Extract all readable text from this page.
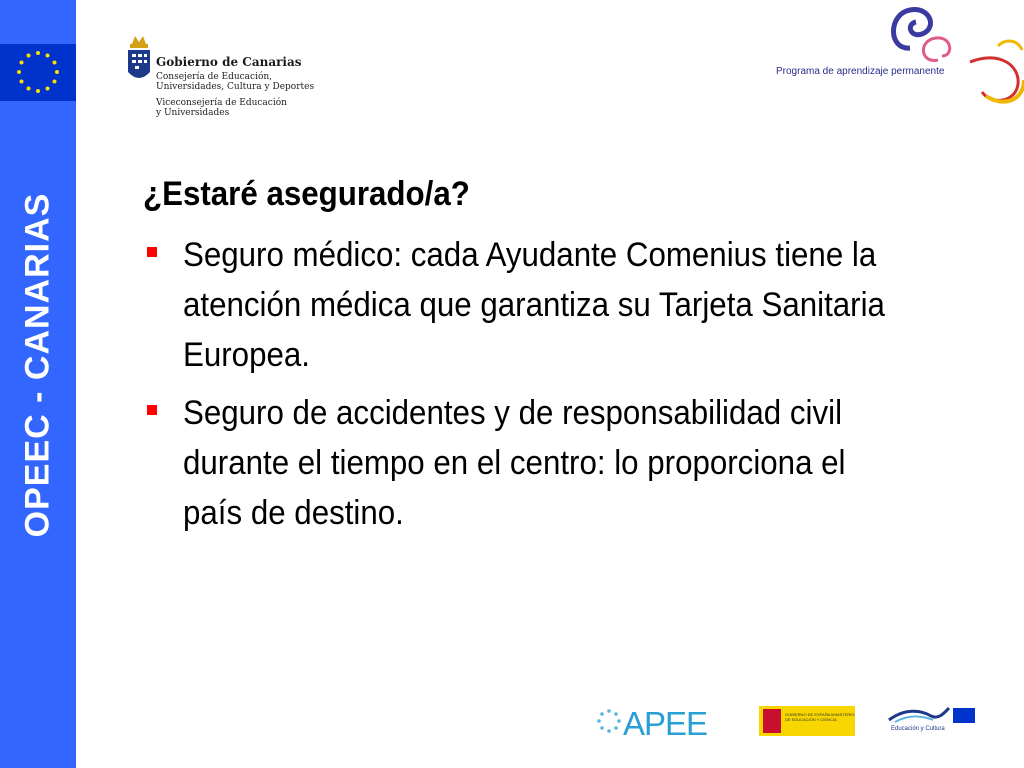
OPEEC - CANARIAS
Gobierno de Canarias
Consejería de Educación,
Universidades, Cultura y Deportes
Viceconsejería de Educación
y Universidades
Programa de aprendizaje permanente
¿Estaré asegurado/a?
Seguro médico: cada Ayudante Comenius tiene la atención médica que garantiza su Tarjeta Sanitaria Europea.
Seguro de accidentes y de responsabilidad civil durante el tiempo en el centro: lo proporciona el país de destino.
APEE	GOBIERNO DE ESPAÑA MINISTERIO DE EDUCACIÓN Y CIENCIA
Educación y Cultura
